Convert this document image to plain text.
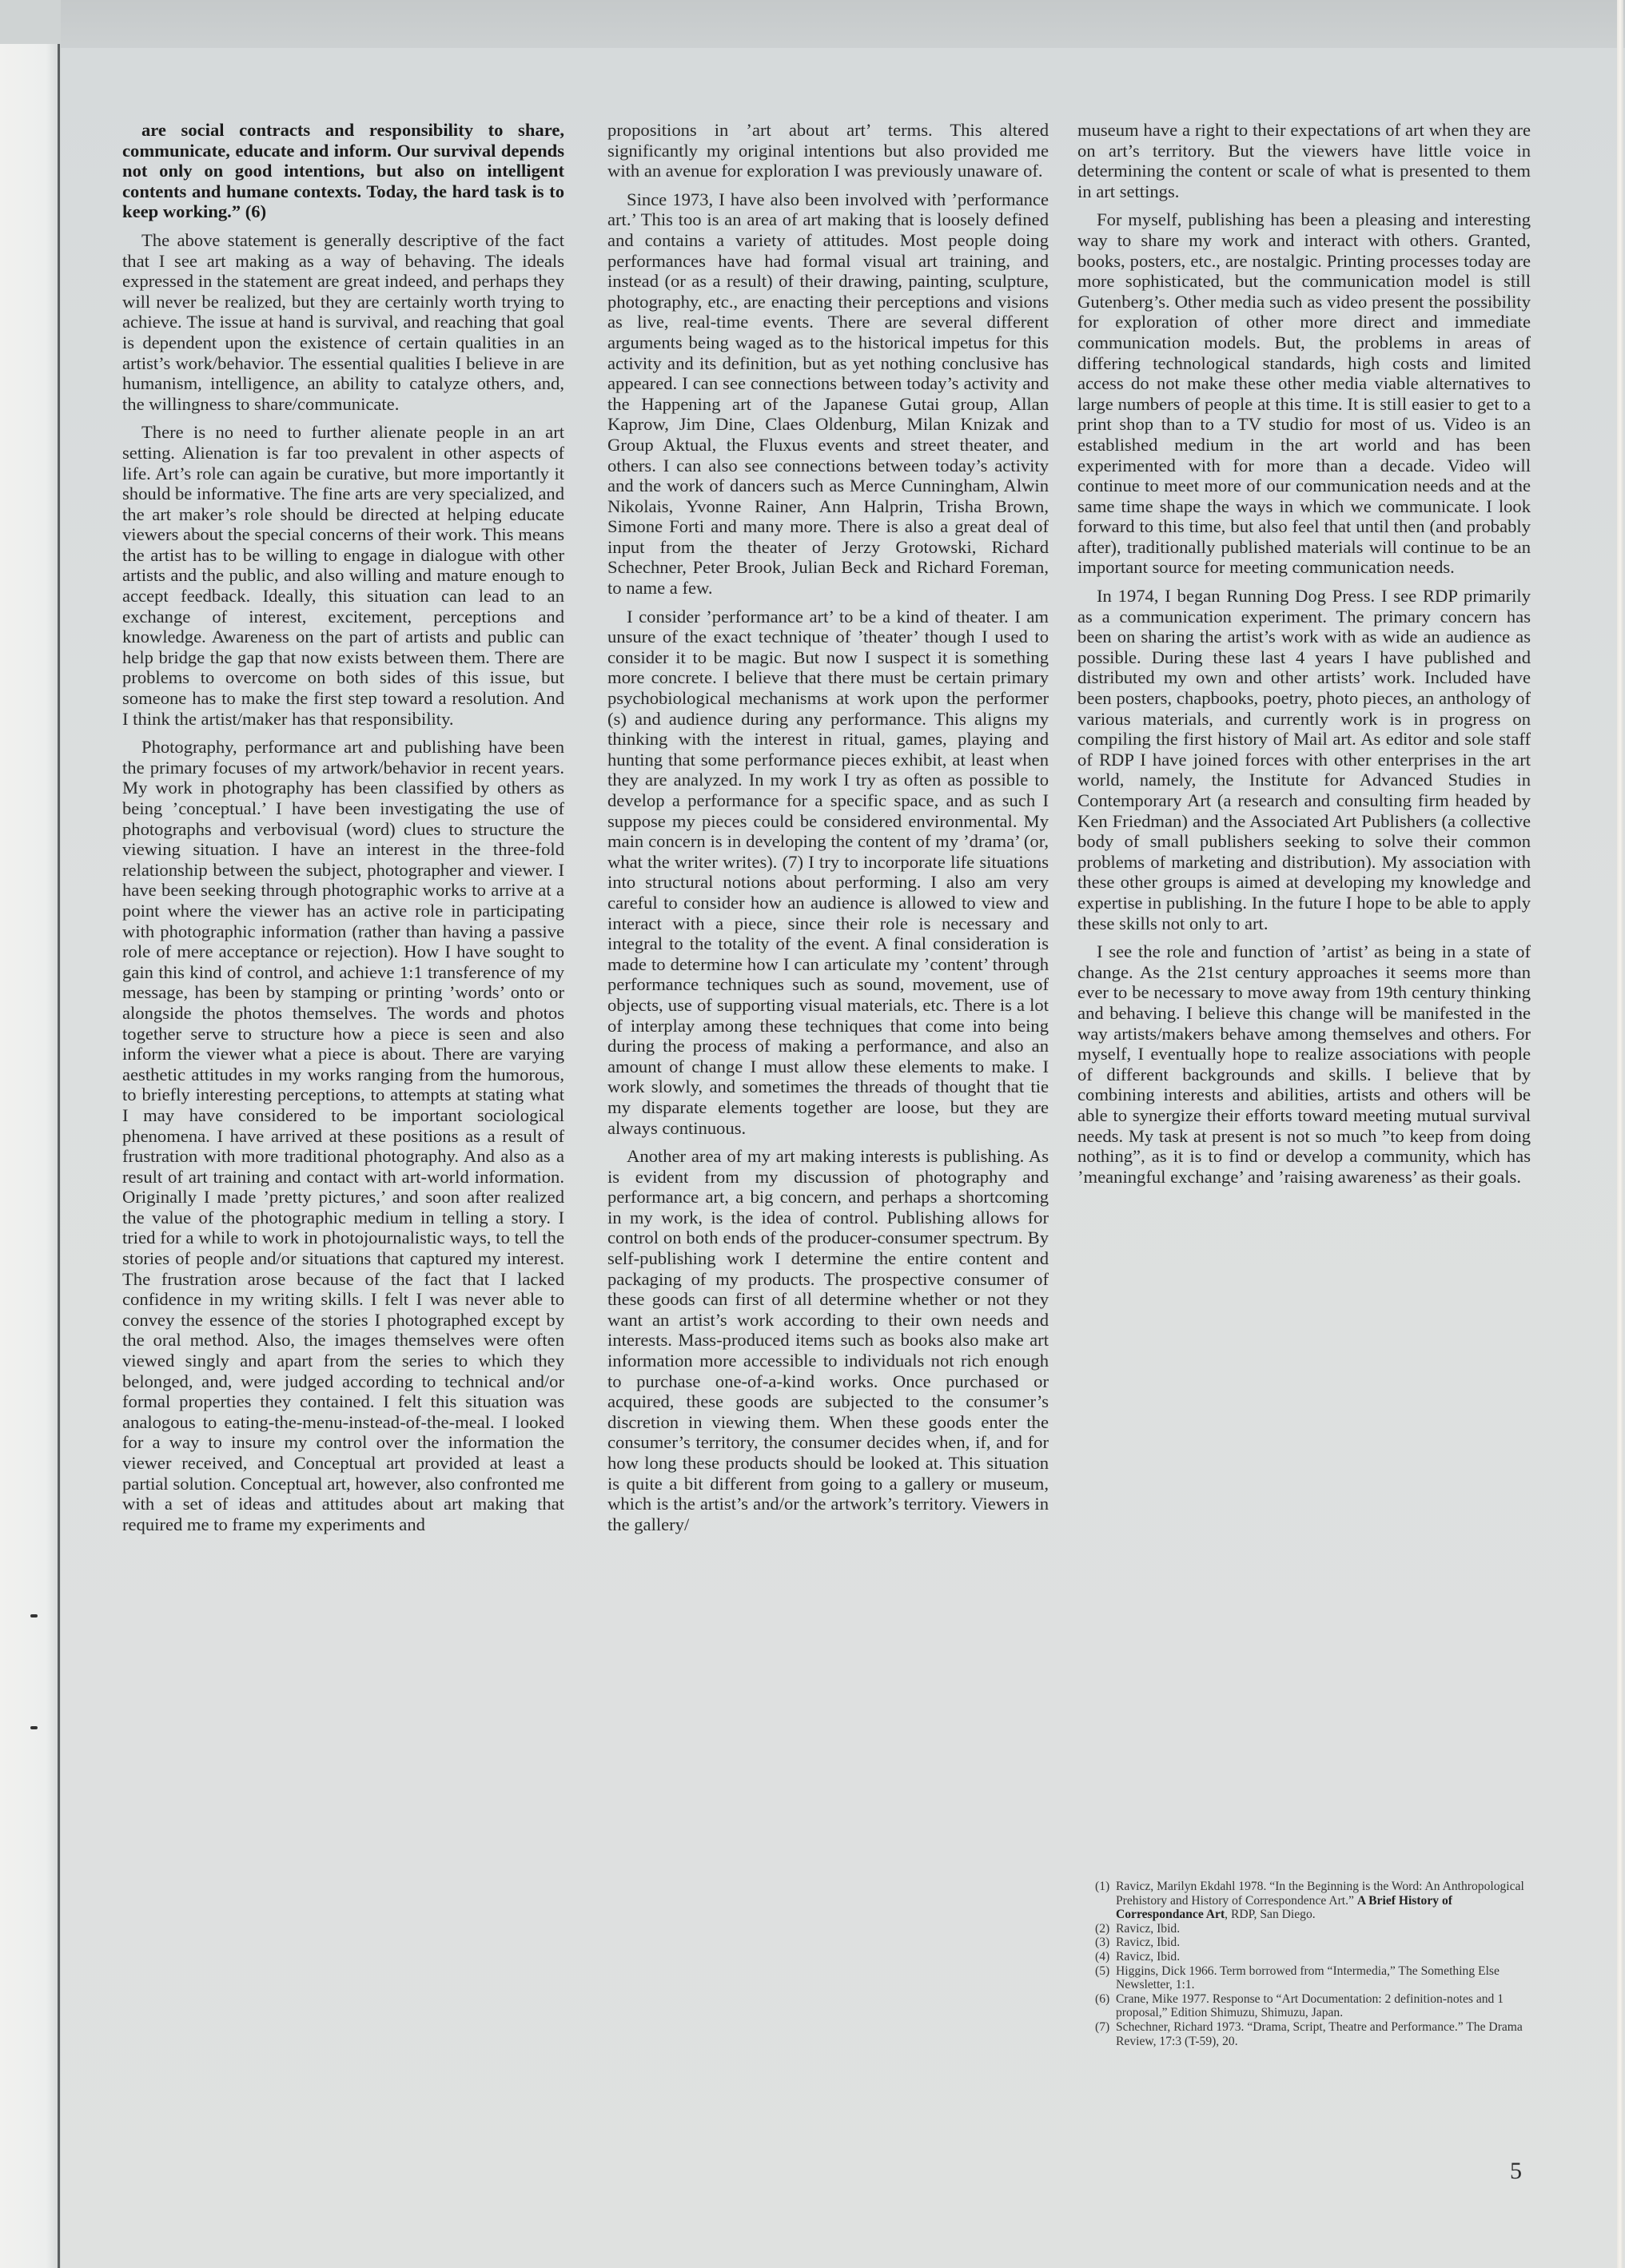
are social contracts and responsibility to share, communicate, educate and inform. Our survival depends not only on good intentions, but also on intelligent contents and humane contexts. Today, the hard task is to keep working.” (6)

The above statement is generally descriptive of the fact that I see art making as a way of behaving. The ideals expressed in the statement are great indeed, and perhaps they will never be realized, but they are certainly worth trying to achieve. The issue at hand is survival, and reaching that goal is dependent upon the existence of certain qualities in an artist’s work/behavior. The essential qualities I believe in are humanism, intelligence, an ability to catalyze others, and, the willingness to share/communicate.

There is no need to further alienate people in an art setting. Alienation is far too prevalent in other aspects of life. Art’s role can again be curative, but more importantly it should be informative. The fine arts are very specialized, and the art maker’s role should be directed at helping educate viewers about the special concerns of their work. This means the artist has to be willing to engage in dialogue with other artists and the public, and also willing and mature enough to accept feedback. Ideally, this situation can lead to an exchange of interest, excitement, perceptions and knowledge. Awareness on the part of artists and public can help bridge the gap that now exists between them. There are problems to overcome on both sides of this issue, but someone has to make the first step toward a resolution. And I think the artist/maker has that responsibility.

Photography, performance art and publishing have been the primary focuses of my artwork/behavior in recent years. My work in photography has been classified by others as being ’conceptual.’ I have been investigating the use of photographs and verbovisual (word) clues to structure the viewing situation. I have an interest in the three-fold relationship between the subject, photographer and viewer. I have been seeking through photographic works to arrive at a point where the viewer has an active role in participating with photographic information (rather than having a passive role of mere acceptance or rejection). How I have sought to gain this kind of control, and achieve 1:1 transference of my message, has been by stamping or printing ’words’ onto or alongside the photos themselves. The words and photos together serve to structure how a piece is seen and also inform the viewer what a piece is about. There are varying aesthetic attitudes in my works ranging from the humorous, to briefly interesting perceptions, to attempts at stating what I may have considered to be important sociological phenomena. I have arrived at these positions as a result of frustration with more traditional photography. And also as a result of art training and contact with art-world information. Originally I made ’pretty pictures,’ and soon after realized the value of the photographic medium in telling a story. I tried for a while to work in photojournalistic ways, to tell the stories of people and/or situations that captured my interest. The frustration arose because of the fact that I lacked confidence in my writing skills. I felt I was never able to convey the essence of the stories I photographed except by the oral method. Also, the images themselves were often viewed singly and apart from the series to which they belonged, and, were judged according to technical and/or formal properties they contained. I felt this situation was analogous to eating-the-menu-instead-of-the-meal. I looked for a way to insure my control over the information the viewer received, and Conceptual art provided at least a partial solution. Conceptual art, however, also confronted me with a set of ideas and attitudes about art making that required me to frame my experiments and

propositions in ’art about art’ terms. This altered significantly my original intentions but also provided me with an avenue for exploration I was previously unaware of.

Since 1973, I have also been involved with ’performance art.’ This too is an area of art making that is loosely defined and contains a variety of attitudes. Most people doing performances have had formal visual art training, and instead (or as a result) of their drawing, painting, sculpture, photography, etc., are enacting their perceptions and visions as live, real-time events. There are several different arguments being waged as to the historical impetus for this activity and its definition, but as yet nothing conclusive has appeared. I can see connections between today’s activity and the Happening art of the Japanese Gutai group, Allan Kaprow, Jim Dine, Claes Oldenburg, Milan Knizak and Group Aktual, the Fluxus events and street theater, and others. I can also see connections between today’s activity and the work of dancers such as Merce Cunningham, Alwin Nikolais, Yvonne Rainer, Ann Halprin, Trisha Brown, Simone Forti and many more. There is also a great deal of input from the theater of Jerzy Grotowski, Richard Schechner, Peter Brook, Julian Beck and Richard Foreman, to name a few.

I consider ’performance art’ to be a kind of theater. I am unsure of the exact technique of ’theater’ though I used to consider it to be magic. But now I suspect it is something more concrete. I believe that there must be certain primary psychobiological mechanisms at work upon the performer (s) and audience during any performance. This aligns my thinking with the interest in ritual, games, playing and hunting that some performance pieces exhibit, at least when they are analyzed. In my work I try as often as possible to develop a performance for a specific space, and as such I suppose my pieces could be considered environmental. My main concern is in developing the content of my ’drama’ (or, what the writer writes). (7) I try to incorporate life situations into structural notions about performing. I also am very careful to consider how an audience is allowed to view and interact with a piece, since their role is necessary and integral to the totality of the event. A final consideration is made to determine how I can articulate my ’content’ through performance techniques such as sound, movement, use of objects, use of supporting visual materials, etc. There is a lot of interplay among these techniques that come into being during the process of making a performance, and also an amount of change I must allow these elements to make. I work slowly, and sometimes the threads of thought that tie my disparate elements together are loose, but they are always continuous.

Another area of my art making interests is publishing. As is evident from my discussion of photography and performance art, a big concern, and perhaps a shortcoming in my work, is the idea of control. Publishing allows for control on both ends of the producer-consumer spectrum. By self-publishing work I determine the entire content and packaging of my products. The prospective consumer of these goods can first of all determine whether or not they want an artist’s work according to their own needs and interests. Mass-produced items such as books also make art information more accessible to individuals not rich enough to purchase one-of-a-kind works. Once purchased or acquired, these goods are subjected to the consumer’s discretion in viewing them. When these goods enter the consumer’s territory, the consumer decides when, if, and for how long these products should be looked at. This situation is quite a bit different from going to a gallery or museum, which is the artist’s and/or the artwork’s territory. Viewers in the gallery/

museum have a right to their expectations of art when they are on art’s territory. But the viewers have little voice in determining the content or scale of what is presented to them in art settings.

For myself, publishing has been a pleasing and interesting way to share my work and interact with others. Granted, books, posters, etc., are nostalgic. Printing processes today are more sophisticated, but the communication model is still Gutenberg’s. Other media such as video present the possibility for exploration of other more direct and immediate communication models. But, the problems in areas of differing technological standards, high costs and limited access do not make these other media viable alternatives to large numbers of people at this time. It is still easier to get to a print shop than to a TV studio for most of us. Video is an established medium in the art world and has been experimented with for more than a decade. Video will continue to meet more of our communication needs and at the same time shape the ways in which we communicate. I look forward to this time, but also feel that until then (and probably after), traditionally published materials will continue to be an important source for meeting communication needs.

In 1974, I began Running Dog Press. I see RDP primarily as a communication experiment. The primary concern has been on sharing the artist’s work with as wide an audience as possible. During these last 4 years I have published and distributed my own and other artists’ work. Included have been posters, chapbooks, poetry, photo pieces, an anthology of various materials, and currently work is in progress on compiling the first history of Mail art. As editor and sole staff of RDP I have joined forces with other enterprises in the art world, namely, the Institute for Advanced Studies in Contemporary Art (a research and consulting firm headed by Ken Friedman) and the Associated Art Publishers (a collective body of small publishers seeking to solve their common problems of marketing and distribution). My association with these other groups is aimed at developing my knowledge and expertise in publishing. In the future I hope to be able to apply these skills not only to art.

I see the role and function of ’artist’ as being in a state of change. As the 21st century approaches it seems more than ever to be necessary to move away from 19th century thinking and behaving. I believe this change will be manifested in the way artists/makers behave among themselves and others. For myself, I eventually hope to realize associations with people of different backgrounds and skills. I believe that by combining interests and abilities, artists and others will be able to synergize their efforts toward meeting mutual survival needs. My task at present is not so much ”to keep from doing nothing”, as it is to find or develop a community, which has ’meaningful exchange’ and ’raising awareness’ as their goals.

(1) Ravicz, Marilyn Ekdahl 1978. “In the Beginning is the Word: An Anthropological Prehistory and History of Correspondence Art.” A Brief History of Correspondance Art, RDP, San Diego.
(2) Ravicz, Ibid.
(3) Ravicz, Ibid.
(4) Ravicz, Ibid.
(5) Higgins, Dick 1966. Term borrowed from “Intermedia,” The Something Else Newsletter, 1:1.
(6) Crane, Mike 1977. Response to “Art Documentation: 2 definition-notes and 1 proposal,” Edition Shimuzu, Shimuzu, Japan.
(7) Schechner, Richard 1973. “Drama, Script, Theatre and Performance.” The Drama Review, 17:3 (T-59), 20.
5
